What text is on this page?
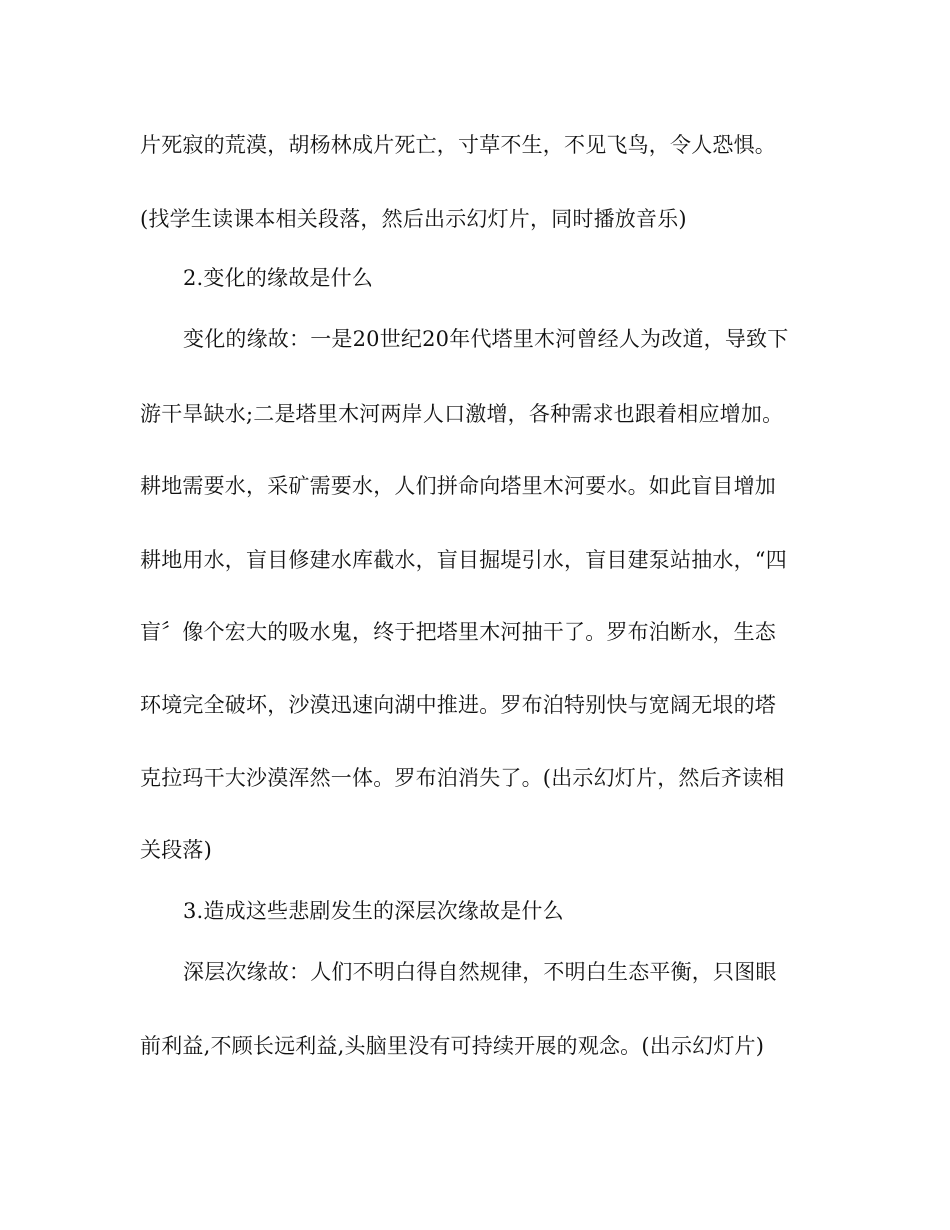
片死寂的荒漠，胡杨林成片死亡，寸草不生，不见飞鸟，令人恐惧。
(找学生读课本相关段落，然后出示幻灯片，同时播放音乐)
2.变化的缘故是什么
变化的缘故：一是20世纪20年代塔里木河曾经人为改道，导致下
游干旱缺水;二是塔里木河两岸人口激增，各种需求也跟着相应增加。
耕地需要水，采矿需要水，人们拼命向塔里木河要水。如此盲目增加
耕地用水，盲目修建水库截水，盲目掘堤引水，盲目建泵站抽水，“四
盲〞像个宏大的吸水鬼，终于把塔里木河抽干了。罗布泊断水，生态
环境完全破坏，沙漠迅速向湖中推进。罗布泊特别快与宽阔无垠的塔
克拉玛干大沙漠浑然一体。罗布泊消失了。(出示幻灯片，然后齐读相
关段落)
3.造成这些悲剧发生的深层次缘故是什么
深层次缘故：人们不明白得自然规律，不明白生态平衡，只图眼
前利益,不顾长远利益,头脑里没有可持续开展的观念。(出示幻灯片)
